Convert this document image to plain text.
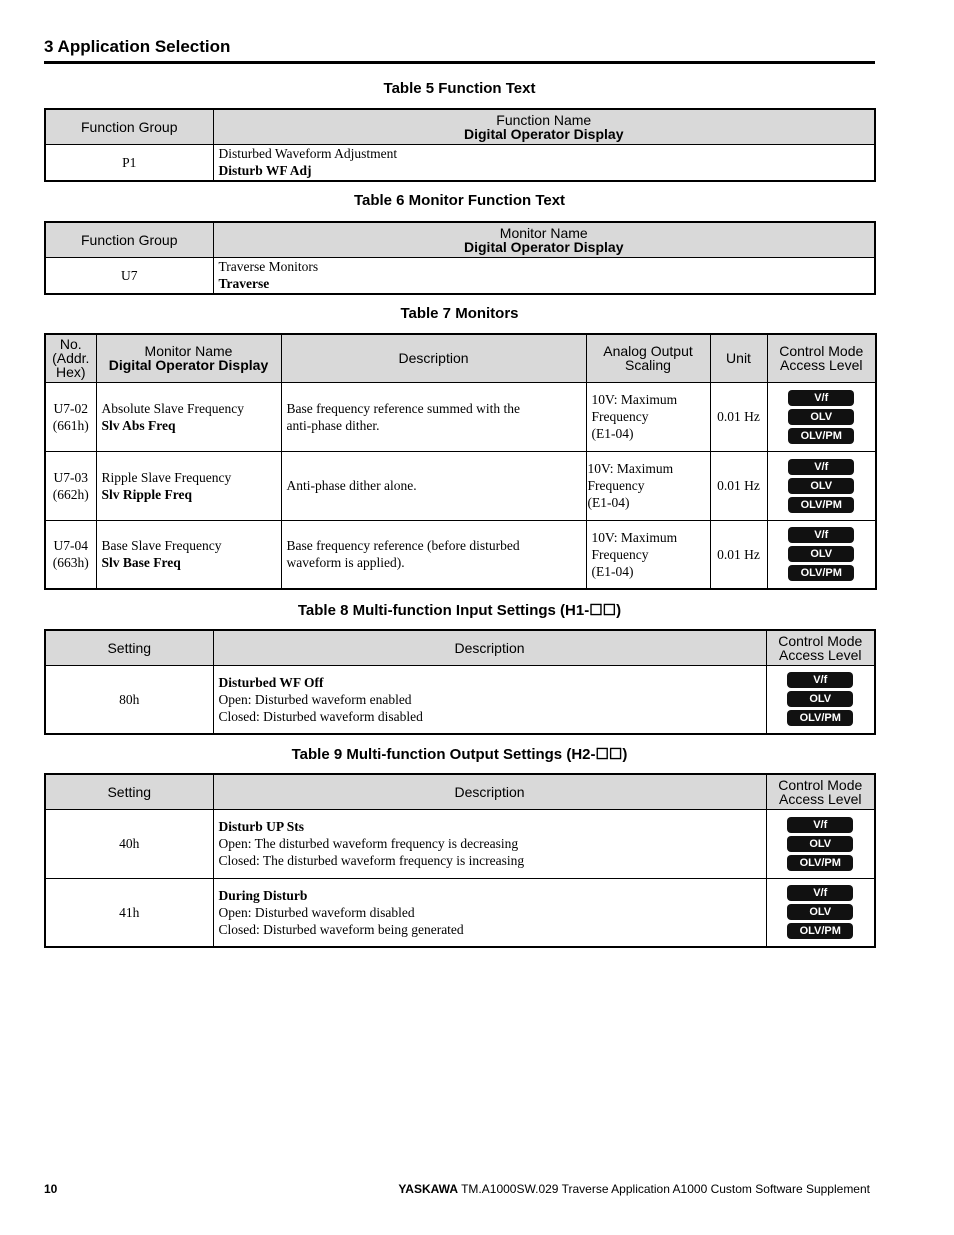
3 Application Selection
Table 5 Function Text
Function Group	Function Name
Digital Operator Display

P1	Disturbed Waveform Adjustment
Disturb WF Adj
Table 6 Monitor Function Text
Function Group	Monitor Name
Digital Operator Display

U7	Traverse Monitors
Traverse
Table 7 Monitors
No.
(Addr.
Hex)	Monitor Name
Digital Operator Display	Description	Analog Output
Scaling	Unit	Control Mode
Access Level

U7-02
(661h)	Absolute Slave Frequency
Slv Abs Freq	Base frequency reference summed with the
anti-phase dither.	10V: Maximum
Frequency
(E1-04)	0.01 Hz	V/f
OLV
OLV/PM

U7-03
(662h)	Ripple Slave Frequency
Slv Ripple Freq	Anti-phase dither alone.	10V: Maximum
Frequency
(E1-04)	0.01 Hz	V/f
OLV
OLV/PM

U7-04
(663h)	Base Slave Frequency
Slv Base Freq	Base frequency reference (before disturbed
waveform is applied).	10V: Maximum
Frequency
(E1-04)	0.01 Hz	V/f
OLV
OLV/PM
Table 8 Multi-function Input Settings (H1-☐☐)
Setting	Description	Control Mode
Access Level

80h	Disturbed WF Off
Open: Disturbed waveform enabled
Closed: Disturbed waveform disabled	V/f
OLV
OLV/PM
Table 9 Multi-function Output Settings (H2-☐☐)
Setting	Description	Control Mode
Access Level

40h	Disturb UP Sts
Open: The disturbed waveform frequency is decreasing
Closed: The disturbed waveform frequency is increasing	V/f
OLV
OLV/PM

41h	During Disturb
Open: Disturbed waveform disabled
Closed: Disturbed waveform being generated	V/f
OLV
OLV/PM
10	YASKAWA TM.A1000SW.029 Traverse Application A1000 Custom Software Supplement
